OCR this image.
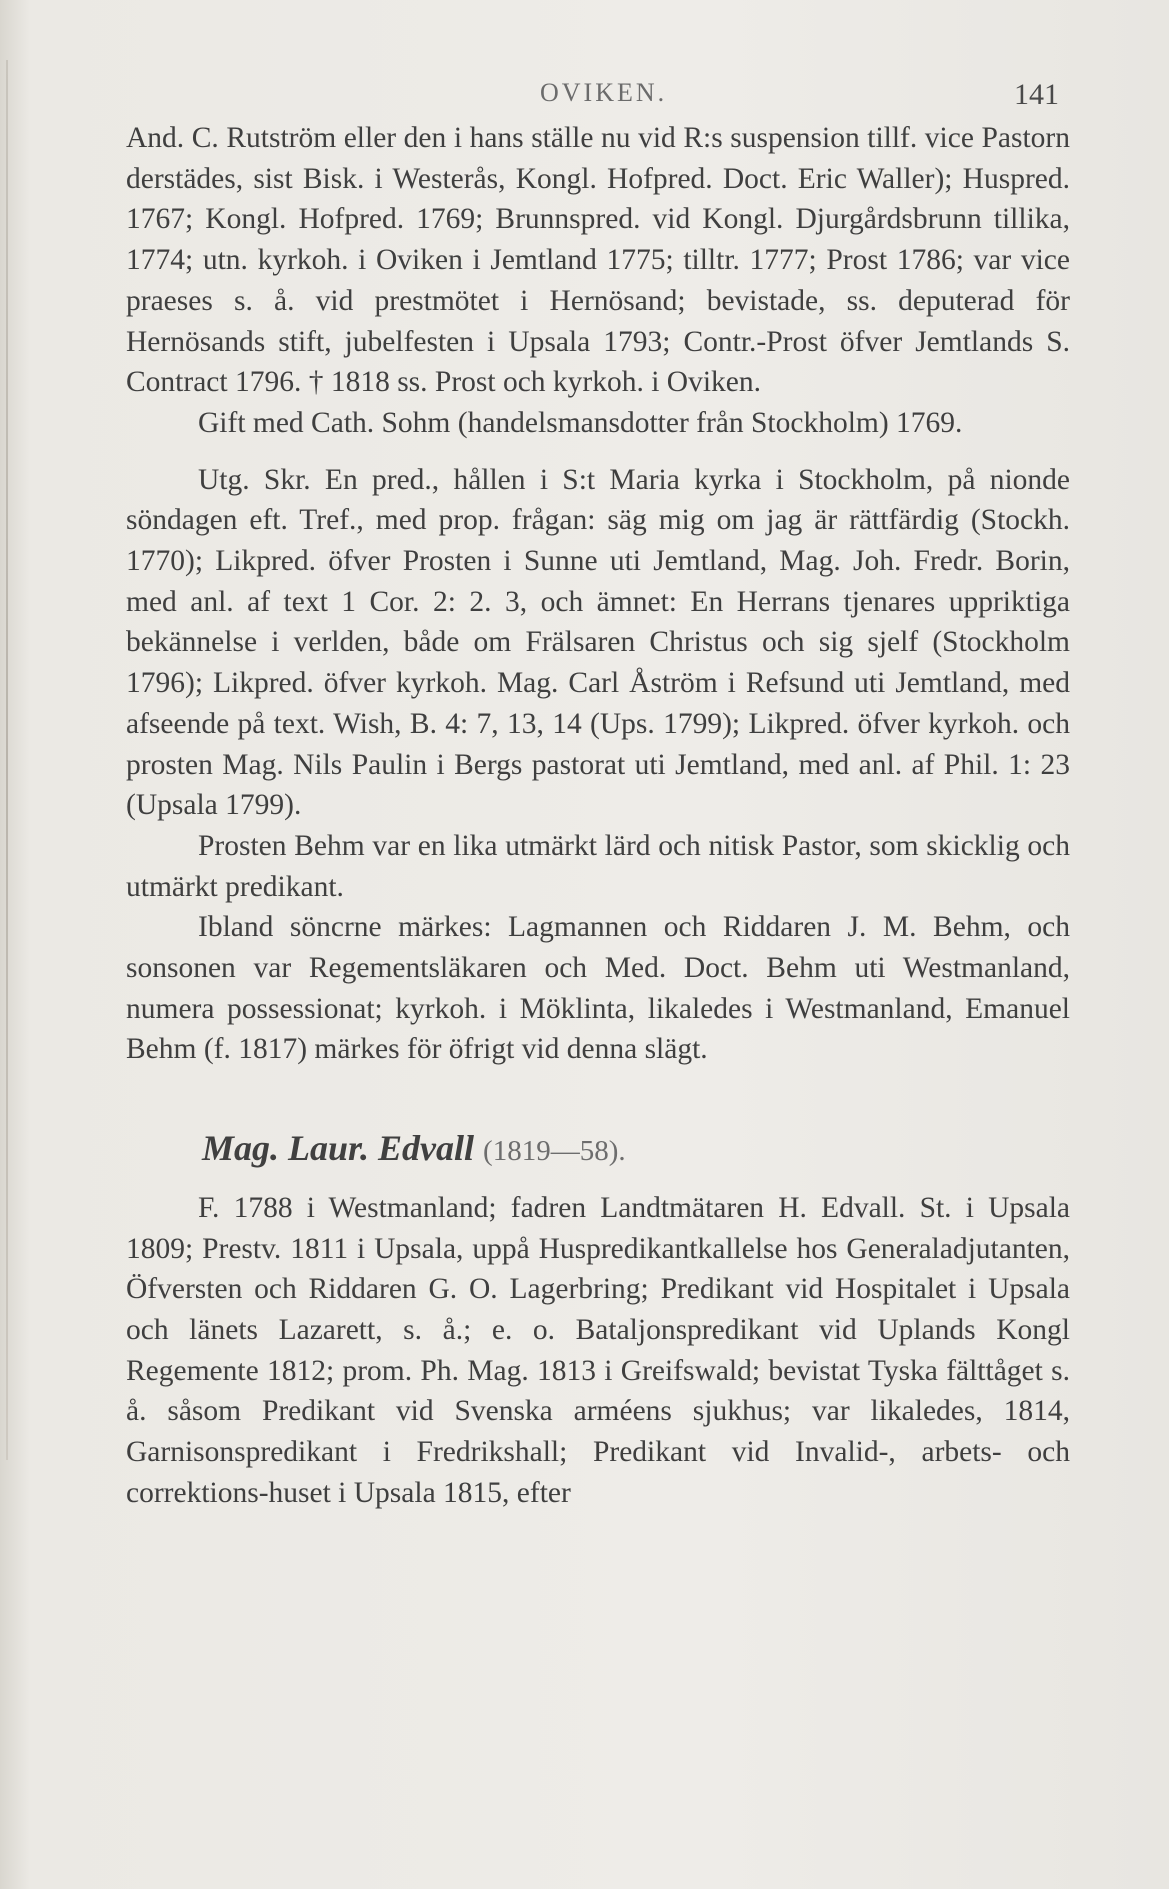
OVIKEN.	141

And. C. Rutström eller den i hans ställe nu vid R:s suspension tillf. vice Pastorn derstädes, sist Bisk. i Westerås, Kongl. Hofpred. Doct. Eric Waller); Huspred. 1767; Kongl. Hofpred. 1769; Brunnspred. vid Kongl. Djurgårdsbrunn tillika, 1774; utn. kyrkoh. i Oviken i Jemtland 1775; tilltr. 1777; Prost 1786; var vice praeses s. å. vid prestmötet i Hernösand; bevistade, ss. deputerad för Hernösands stift, jubelfesten i Upsala 1793; Contr.-Prost öfver Jemtlands S. Contract 1796. † 1818 ss. Prost och kyrkoh. i Oviken.

Gift med Cath. Sohm (handelsmansdotter från Stockholm) 1769.

Utg. Skr. En pred., hållen i S:t Maria kyrka i Stockholm, på nionde söndagen eft. Tref., med prop. frågan: säg mig om jag är rättfärdig (Stockh. 1770); Likpred. öfver Prosten i Sunne uti Jemtland, Mag. Joh. Fredr. Borin, med anl. af text 1 Cor. 2: 2. 3, och ämnet: En Herrans tjenares uppriktiga bekännelse i verlden, både om Frälsaren Christus och sig sjelf (Stockholm 1796); Likpred. öfver kyrkoh. Mag. Carl Åström i Refsund uti Jemtland, med afseende på text. Wish, B. 4: 7, 13, 14 (Ups. 1799); Likpred. öfver kyrkoh. och prosten Mag. Nils Paulin i Bergs pastorat uti Jemtland, med anl. af Phil. 1: 23 (Upsala 1799).

Prosten Behm var en lika utmärkt lärd och nitisk Pastor, som skicklig och utmärkt predikant.

Ibland söncrne märkes: Lagmannen och Riddaren J. M. Behm, och sonsonen var Regementsläkaren och Med. Doct. Behm uti Westmanland, numera possessionat; kyrkoh. i Möklinta, likaledes i Westmanland, Emanuel Behm (f. 1817) märkes för öfrigt vid denna slägt.

Mag. Laur. Edvall (1819—58).

F. 1788 i Westmanland; fadren Landtmätaren H. Edvall. St. i Upsala 1809; Prestv. 1811 i Upsala, uppå Huspredikantkallelse hos Generaladjutanten, Öfversten och Riddaren G. O. Lagerbring; Predikant vid Hospitalet i Upsala och länets Lazarett, s. å.; e. o. Bataljonspredikant vid Uplands Kongl Regemente 1812; prom. Ph. Mag. 1813 i Greifswald; bevistat Tyska fälttåget s. å. såsom Predikant vid Svenska arméens sjukhus; var likaledes, 1814, Garnisonspredikant i Fredrikshall; Predikant vid Invalid-, arbets- och correktions-huset i Upsala 1815, efter
